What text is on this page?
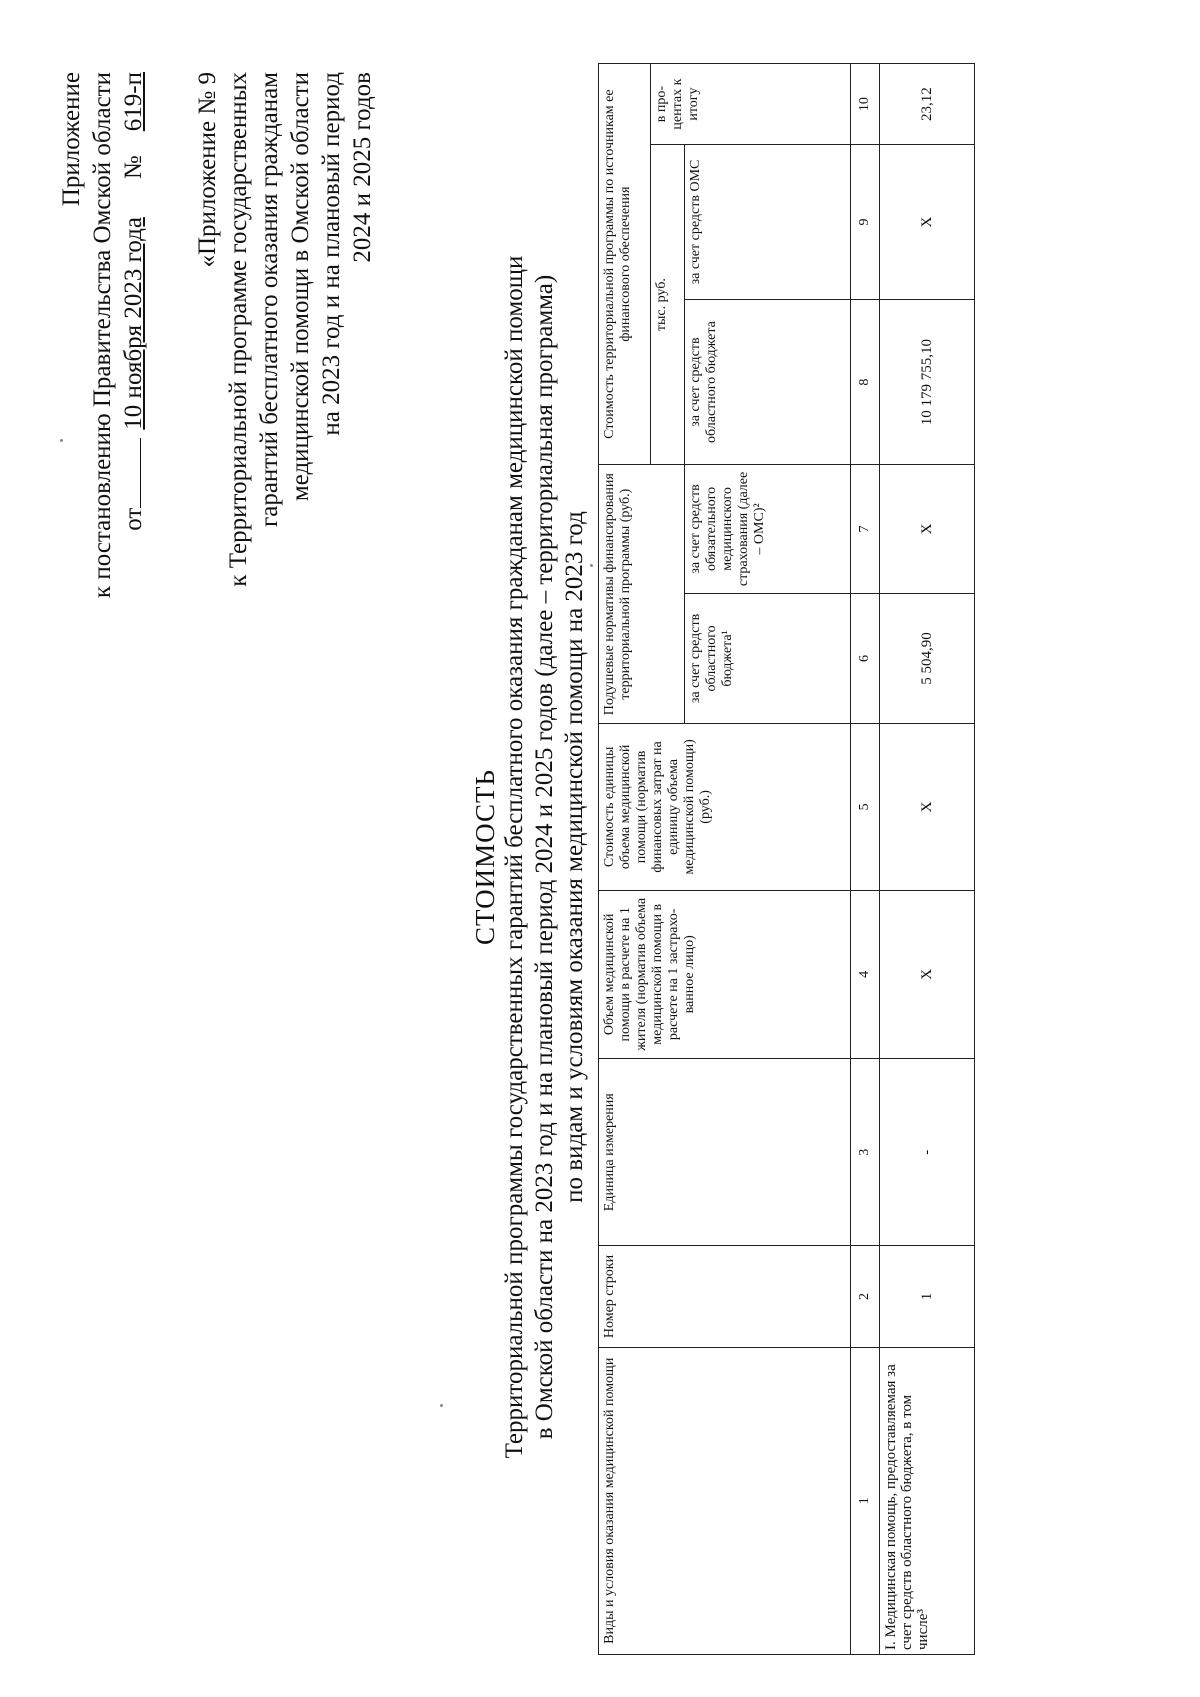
Приложение к постановлению Правительства Омской области от10 ноября 2023 года№619-п «Приложение № 9 к Территориальной программе государственных гарантий бесплатного оказания гражданам медицинской помощи в Омской области на 2023 год и на плановый период 2024 и 2025 годов
СТОИМОСТЬ Территориальной программы государственных гарантий бесплатного оказания гражданам медицинской помощи в Омской области на 2023 год и на плановый период 2024 и 2025 годов (далее – территориальная программа) по видам и условиям оказания медицинской помощи на 2023 год
Виды и условия оказания медицинской помощи	Номер строки	Единица измерения	Объем медицинской помощи в расчете на 1 жителя (норматив объема медицинской помощи в расчете на 1 застрахо-ванное лицо)	Стоимость единицы объема медицинской помощи (норматив финансовых затрат на единицу объема медицинской помощи) (руб.)	Подушевые нормативы финансирования территориальной программы (руб.)		Стоимость территориальной программы по источникам ее финансового обеспечения		
							тыс. руб.		в про-центах к итогу
					за счет средств областного бюджета¹	за счет средств обязательного медицинского страхования (далее – ОМС)²	за счет средств областного бюджета	за счет средств ОМС	
1	2	3	4	5	6	7	8	9	10
I. Медицинская помощь, предоставляемая за счет средств областного бюджета, в том числе³	1	-	X	X	5 504,90	X	10 179 755,10	X	23,12
